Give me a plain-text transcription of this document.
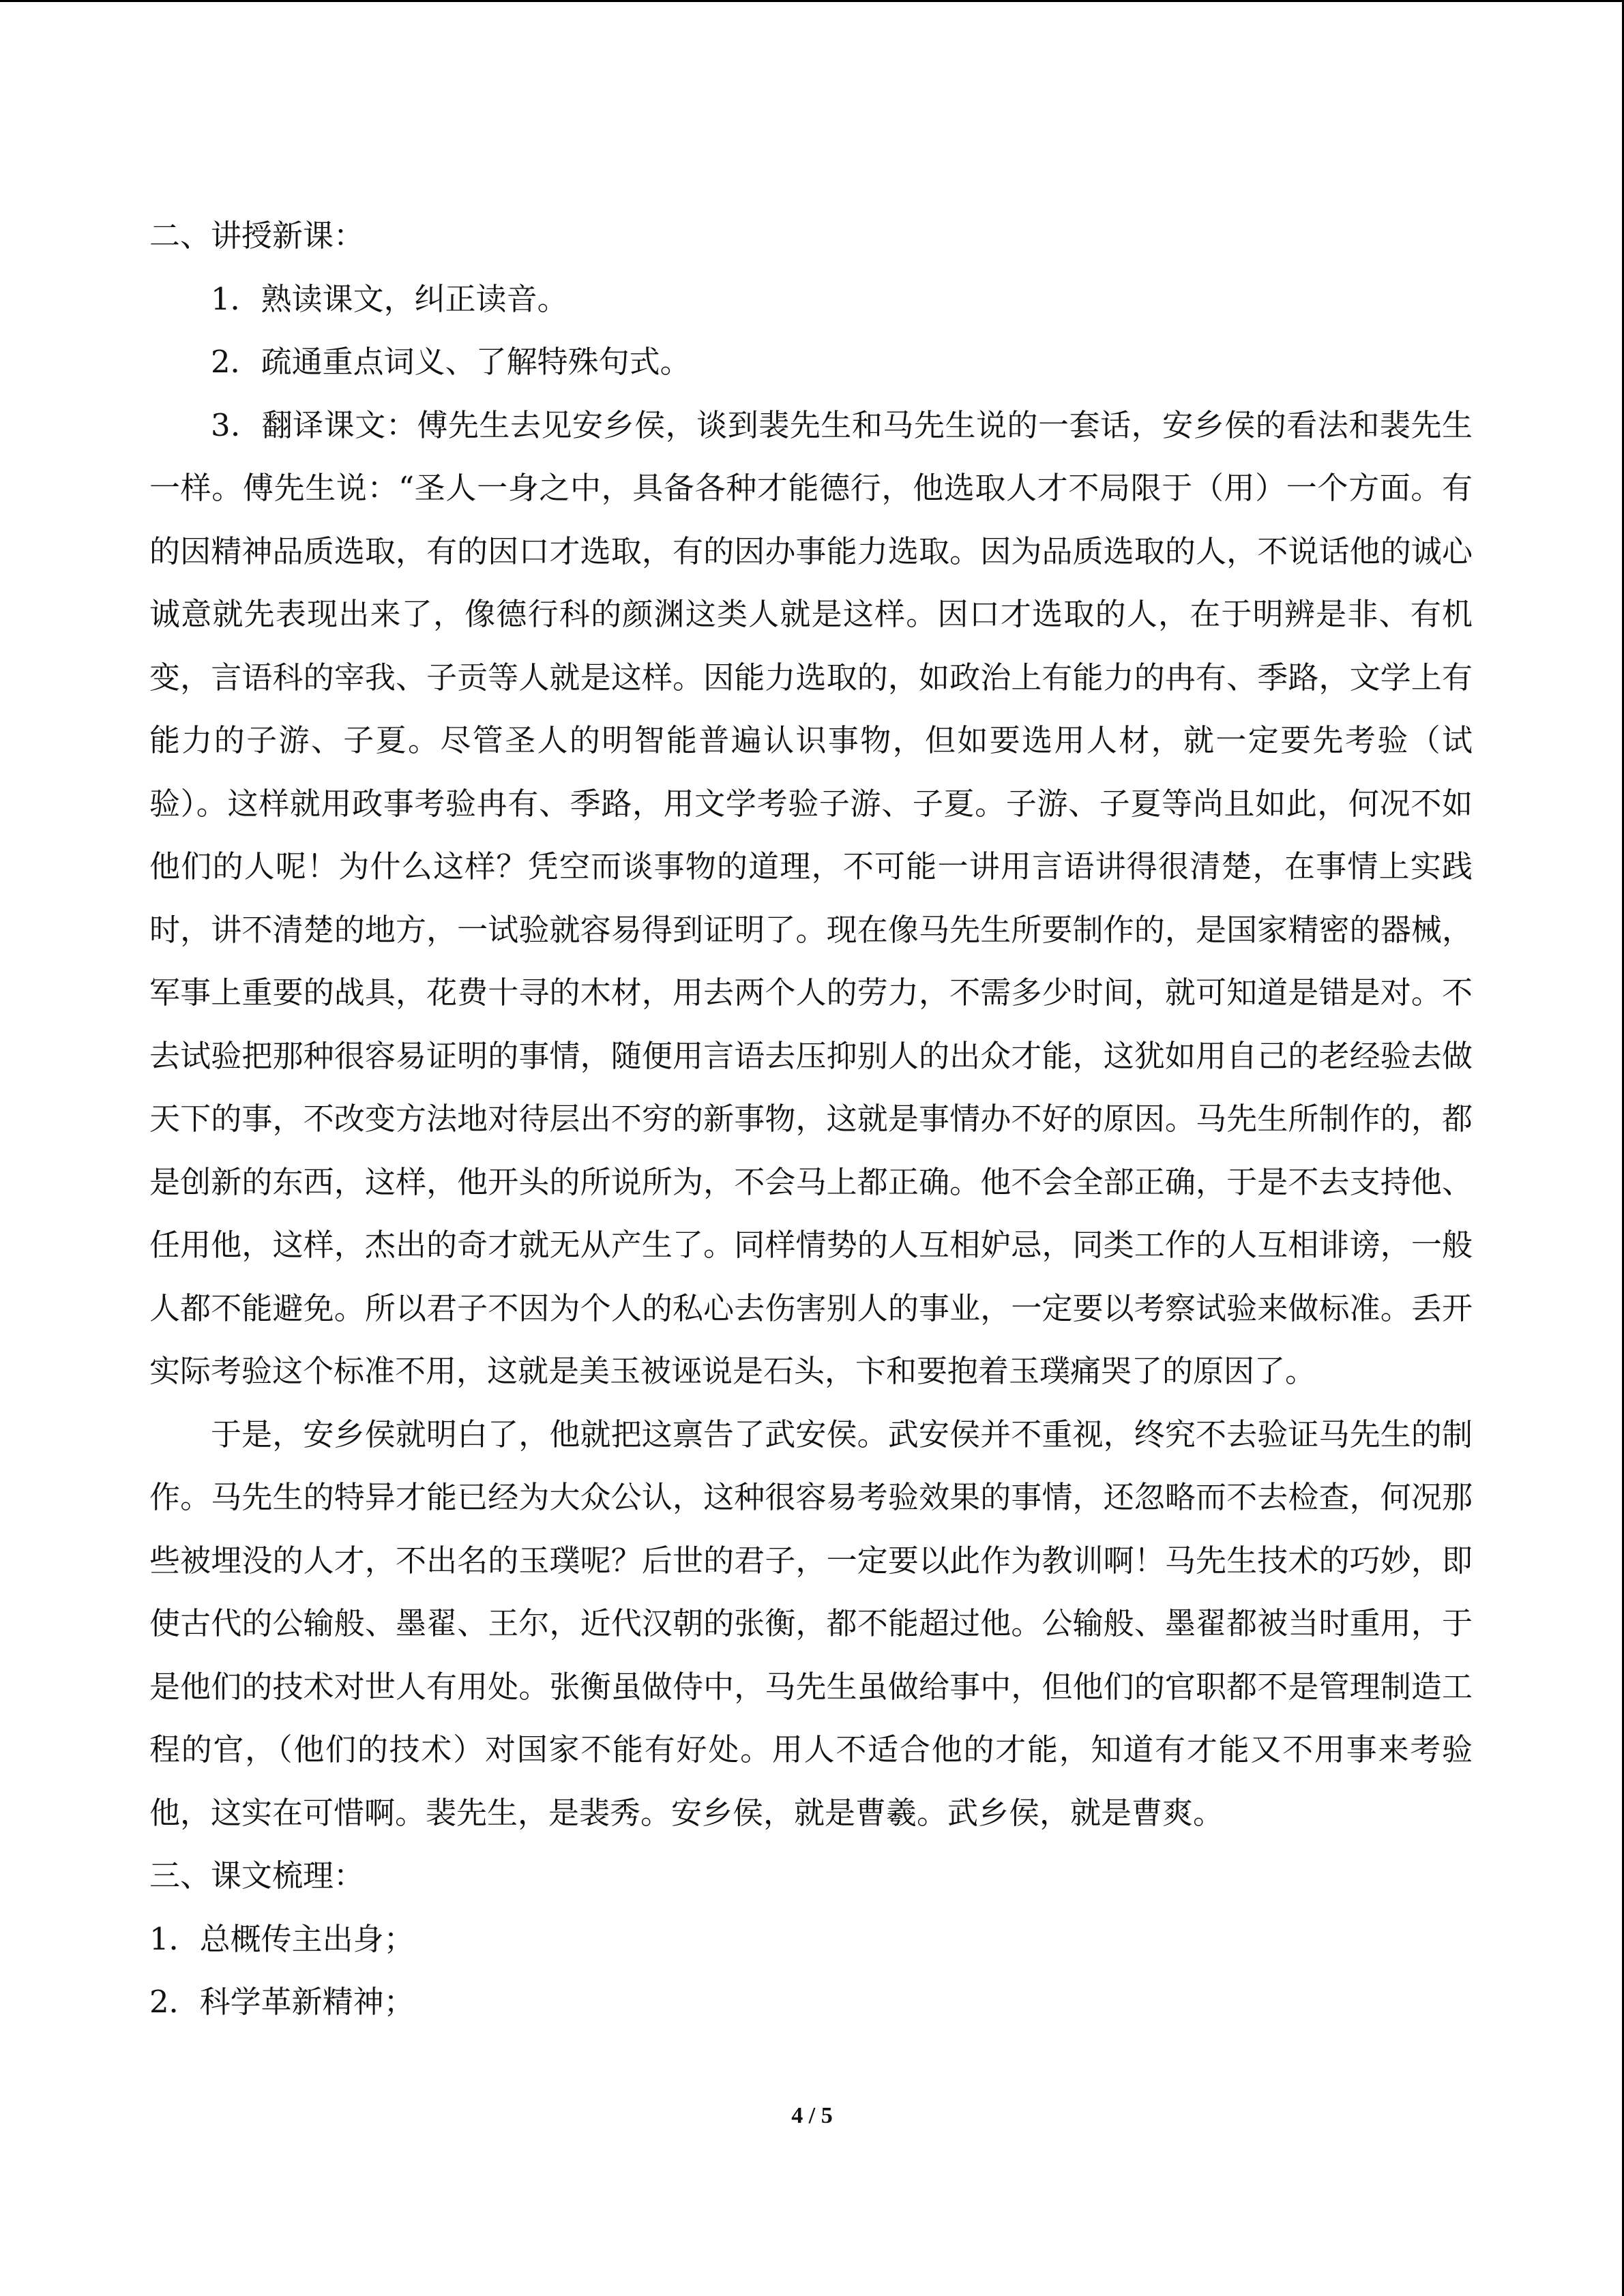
二、讲授新课：

1．熟读课文，纠正读音。

2．疏通重点词义、了解特殊句式。

3．翻译课文：傅先生去见安乡侯，谈到裴先生和马先生说的一套话，安乡侯的看法和裴先生一样。傅先生说：“圣人一身之中，具备各种才能德行，他选取人才不局限于（用）一个方面。有的因精神品质选取，有的因口才选取，有的因办事能力选取。因为品质选取的人，不说话他的诚心诚意就先表现出来了，像德行科的颜渊这类人就是这样。因口才选取的人，在于明辨是非、有机变，言语科的宰我、子贡等人就是这样。因能力选取的，如政治上有能力的冉有、季路，文学上有能力的子游、子夏。尽管圣人的明智能普遍认识事物，但如要选用人材，就一定要先考验（试验）。这样就用政事考验冉有、季路，用文学考验子游、子夏。子游、子夏等尚且如此，何况不如他们的人呢！为什么这样？凭空而谈事物的道理，不可能一讲用言语讲得很清楚，在事情上实践时，讲不清楚的地方，一试验就容易得到证明了。现在像马先生所要制作的，是国家精密的器械，军事上重要的战具，花费十寻的木材，用去两个人的劳力，不需多少时间，就可知道是错是对。不去试验把那种很容易证明的事情，随便用言语去压抑别人的出众才能，这犹如用自己的老经验去做天下的事，不改变方法地对待层出不穷的新事物，这就是事情办不好的原因。马先生所制作的，都是创新的东西，这样，他开头的所说所为，不会马上都正确。他不会全部正确，于是不去支持他、任用他，这样，杰出的奇才就无从产生了。同样情势的人互相妒忌，同类工作的人互相诽谤，一般人都不能避免。所以君子不因为个人的私心去伤害别人的事业，一定要以考察试验来做标准。丢开实际考验这个标准不用，这就是美玉被诬说是石头，卞和要抱着玉璞痛哭了的原因了。

于是，安乡侯就明白了，他就把这禀告了武安侯。武安侯并不重视，终究不去验证马先生的制作。马先生的特异才能已经为大众公认，这种很容易考验效果的事情，还忽略而不去检查，何况那些被埋没的人才，不出名的玉璞呢？后世的君子，一定要以此作为教训啊！马先生技术的巧妙，即使古代的公输般、墨翟、王尔，近代汉朝的张衡，都不能超过他。公输般、墨翟都被当时重用，于是他们的技术对世人有用处。张衡虽做侍中，马先生虽做给事中，但他们的官职都不是管理制造工程的官，（他们的技术）对国家不能有好处。用人不适合他的才能，知道有才能又不用事来考验他，这实在可惜啊。裴先生，是裴秀。安乡侯，就是曹羲。武乡侯，就是曹爽。

三、课文梳理：

1．总概传主出身；

2．科学革新精神；

4 / 5
